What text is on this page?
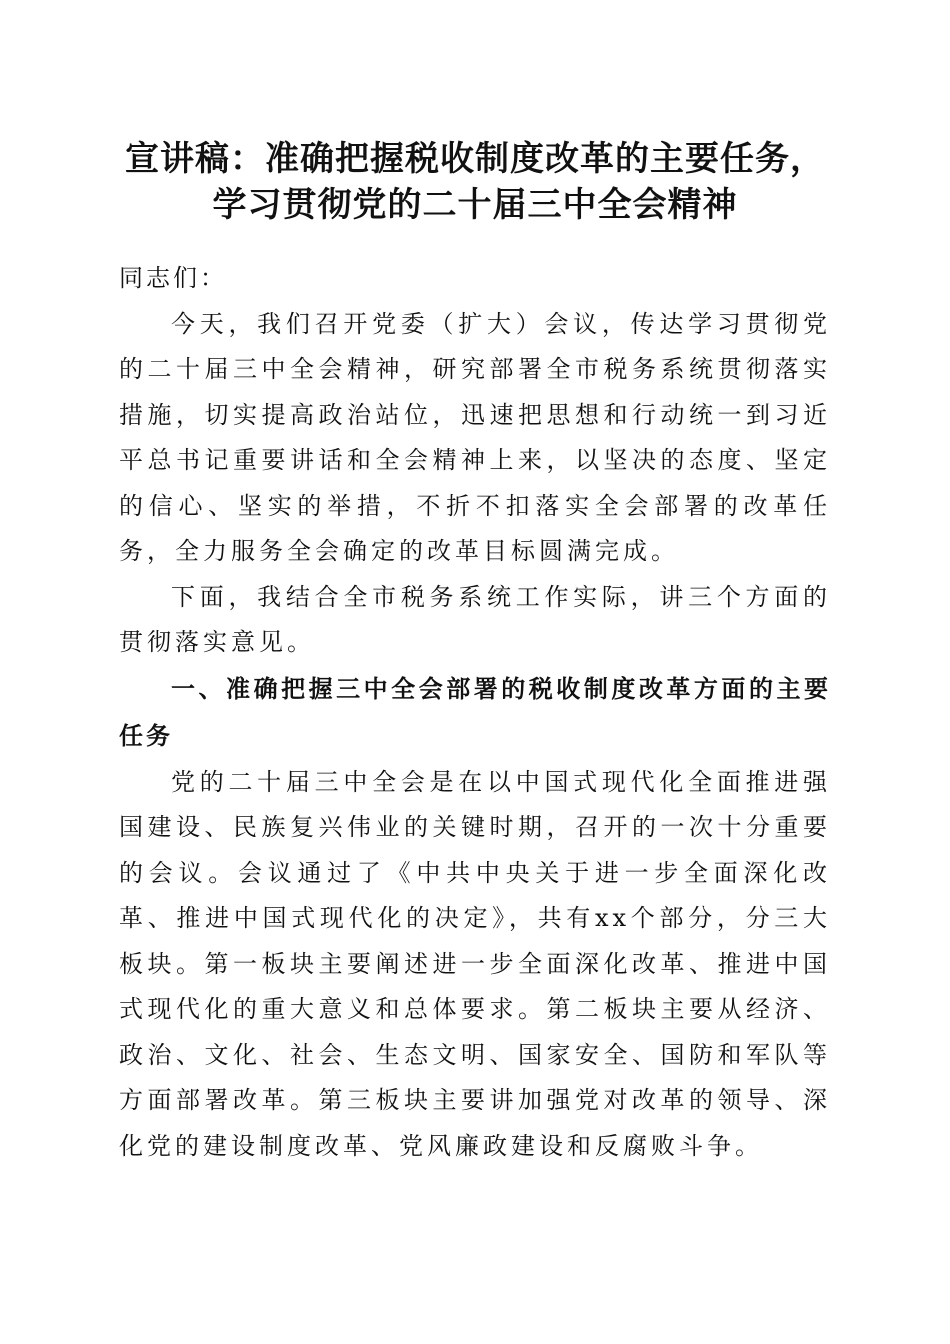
宣讲稿：准确把握税收制度改革的主要任务，
学习贯彻党的二十届三中全会精神

同志们：

今天，我们召开党委（扩大）会议，传达学习贯彻党的二十届三中全会精神，研究部署全市税务系统贯彻落实措施，切实提高政治站位，迅速把思想和行动统一到习近平总书记重要讲话和全会精神上来，以坚决的态度、坚定的信心、坚实的举措，不折不扣落实全会部署的改革任务，全力服务全会确定的改革目标圆满完成。

下面，我结合全市税务系统工作实际，讲三个方面的贯彻落实意见。

一、准确把握三中全会部署的税收制度改革方面的主要任务

党的二十届三中全会是在以中国式现代化全面推进强国建设、民族复兴伟业的关键时期，召开的一次十分重要的会议。会议通过了《中共中央关于进一步全面深化改革、推进中国式现代化的决定》，共有xx个部分，分三大板块。第一板块主要阐述进一步全面深化改革、推进中国式现代化的重大意义和总体要求。第二板块主要从经济、政治、文化、社会、生态文明、国家安全、国防和军队等方面部署改革。第三板块主要讲加强党对改革的领导、深化党的建设制度改革、党风廉政建设和反腐败斗争。
